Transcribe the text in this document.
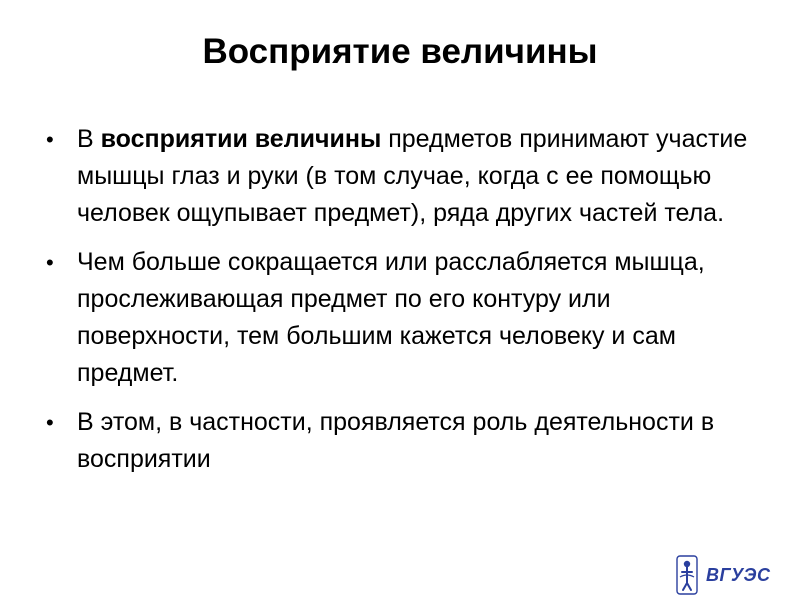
Восприятие величины
• В восприятии величины предметов принимают участие мышцы глаз и руки (в том случае, когда с ее помощью человек ощупывает предмет), ряда других частей тела.
• Чем больше сокращается или расслабляется мышца, прослеживающая предмет по его контуру или поверхности, тем большим кажется человеку и сам предмет.
• В этом, в частности, проявляется роль деятельности в восприятии
ВГУЭС
